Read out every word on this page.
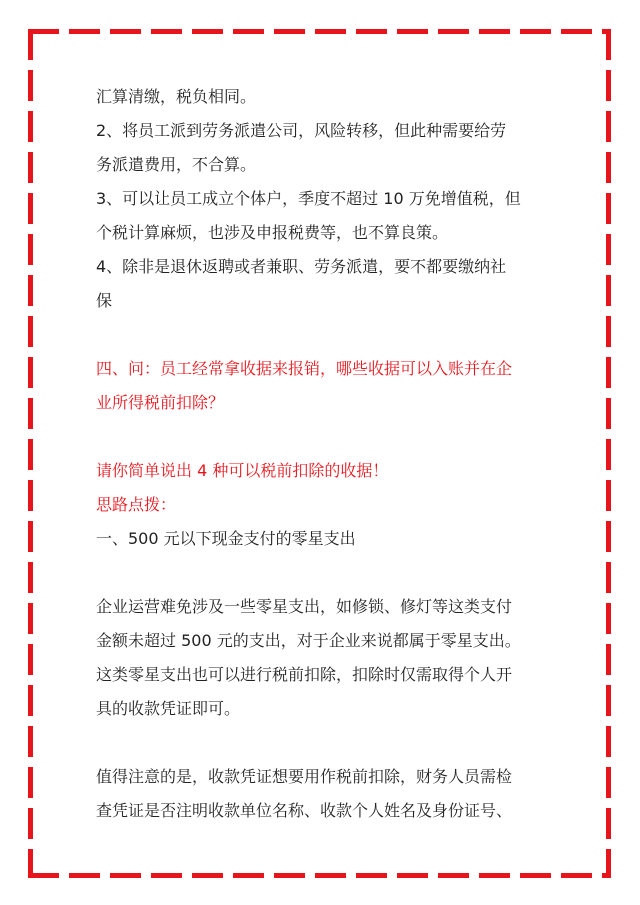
汇算清缴，税负相同。

2、将员工派到劳务派遣公司，风险转移，但此种需要给劳

务派遣费用，不合算。

3、可以让员工成立个体户，季度不超过 10 万免增值税，但

个税计算麻烦，也涉及申报税费等，也不算良策。

4、除非是退休返聘或者兼职、劳务派遣，要不都要缴纳社

保

四、问：员工经常拿收据来报销，哪些收据可以入账并在企

业所得税前扣除？

请你简单说出 4 种可以税前扣除的收据！

思路点拨：

一、500 元以下现金支付的零星支出

企业运营难免涉及一些零星支出，如修锁、修灯等这类支付

金额未超过 500 元的支出，对于企业来说都属于零星支出。

这类零星支出也可以进行税前扣除，扣除时仅需取得个人开

具的收款凭证即可。

值得注意的是，收款凭证想要用作税前扣除，财务人员需检

查凭证是否注明收款单位名称、收款个人姓名及身份证号、
